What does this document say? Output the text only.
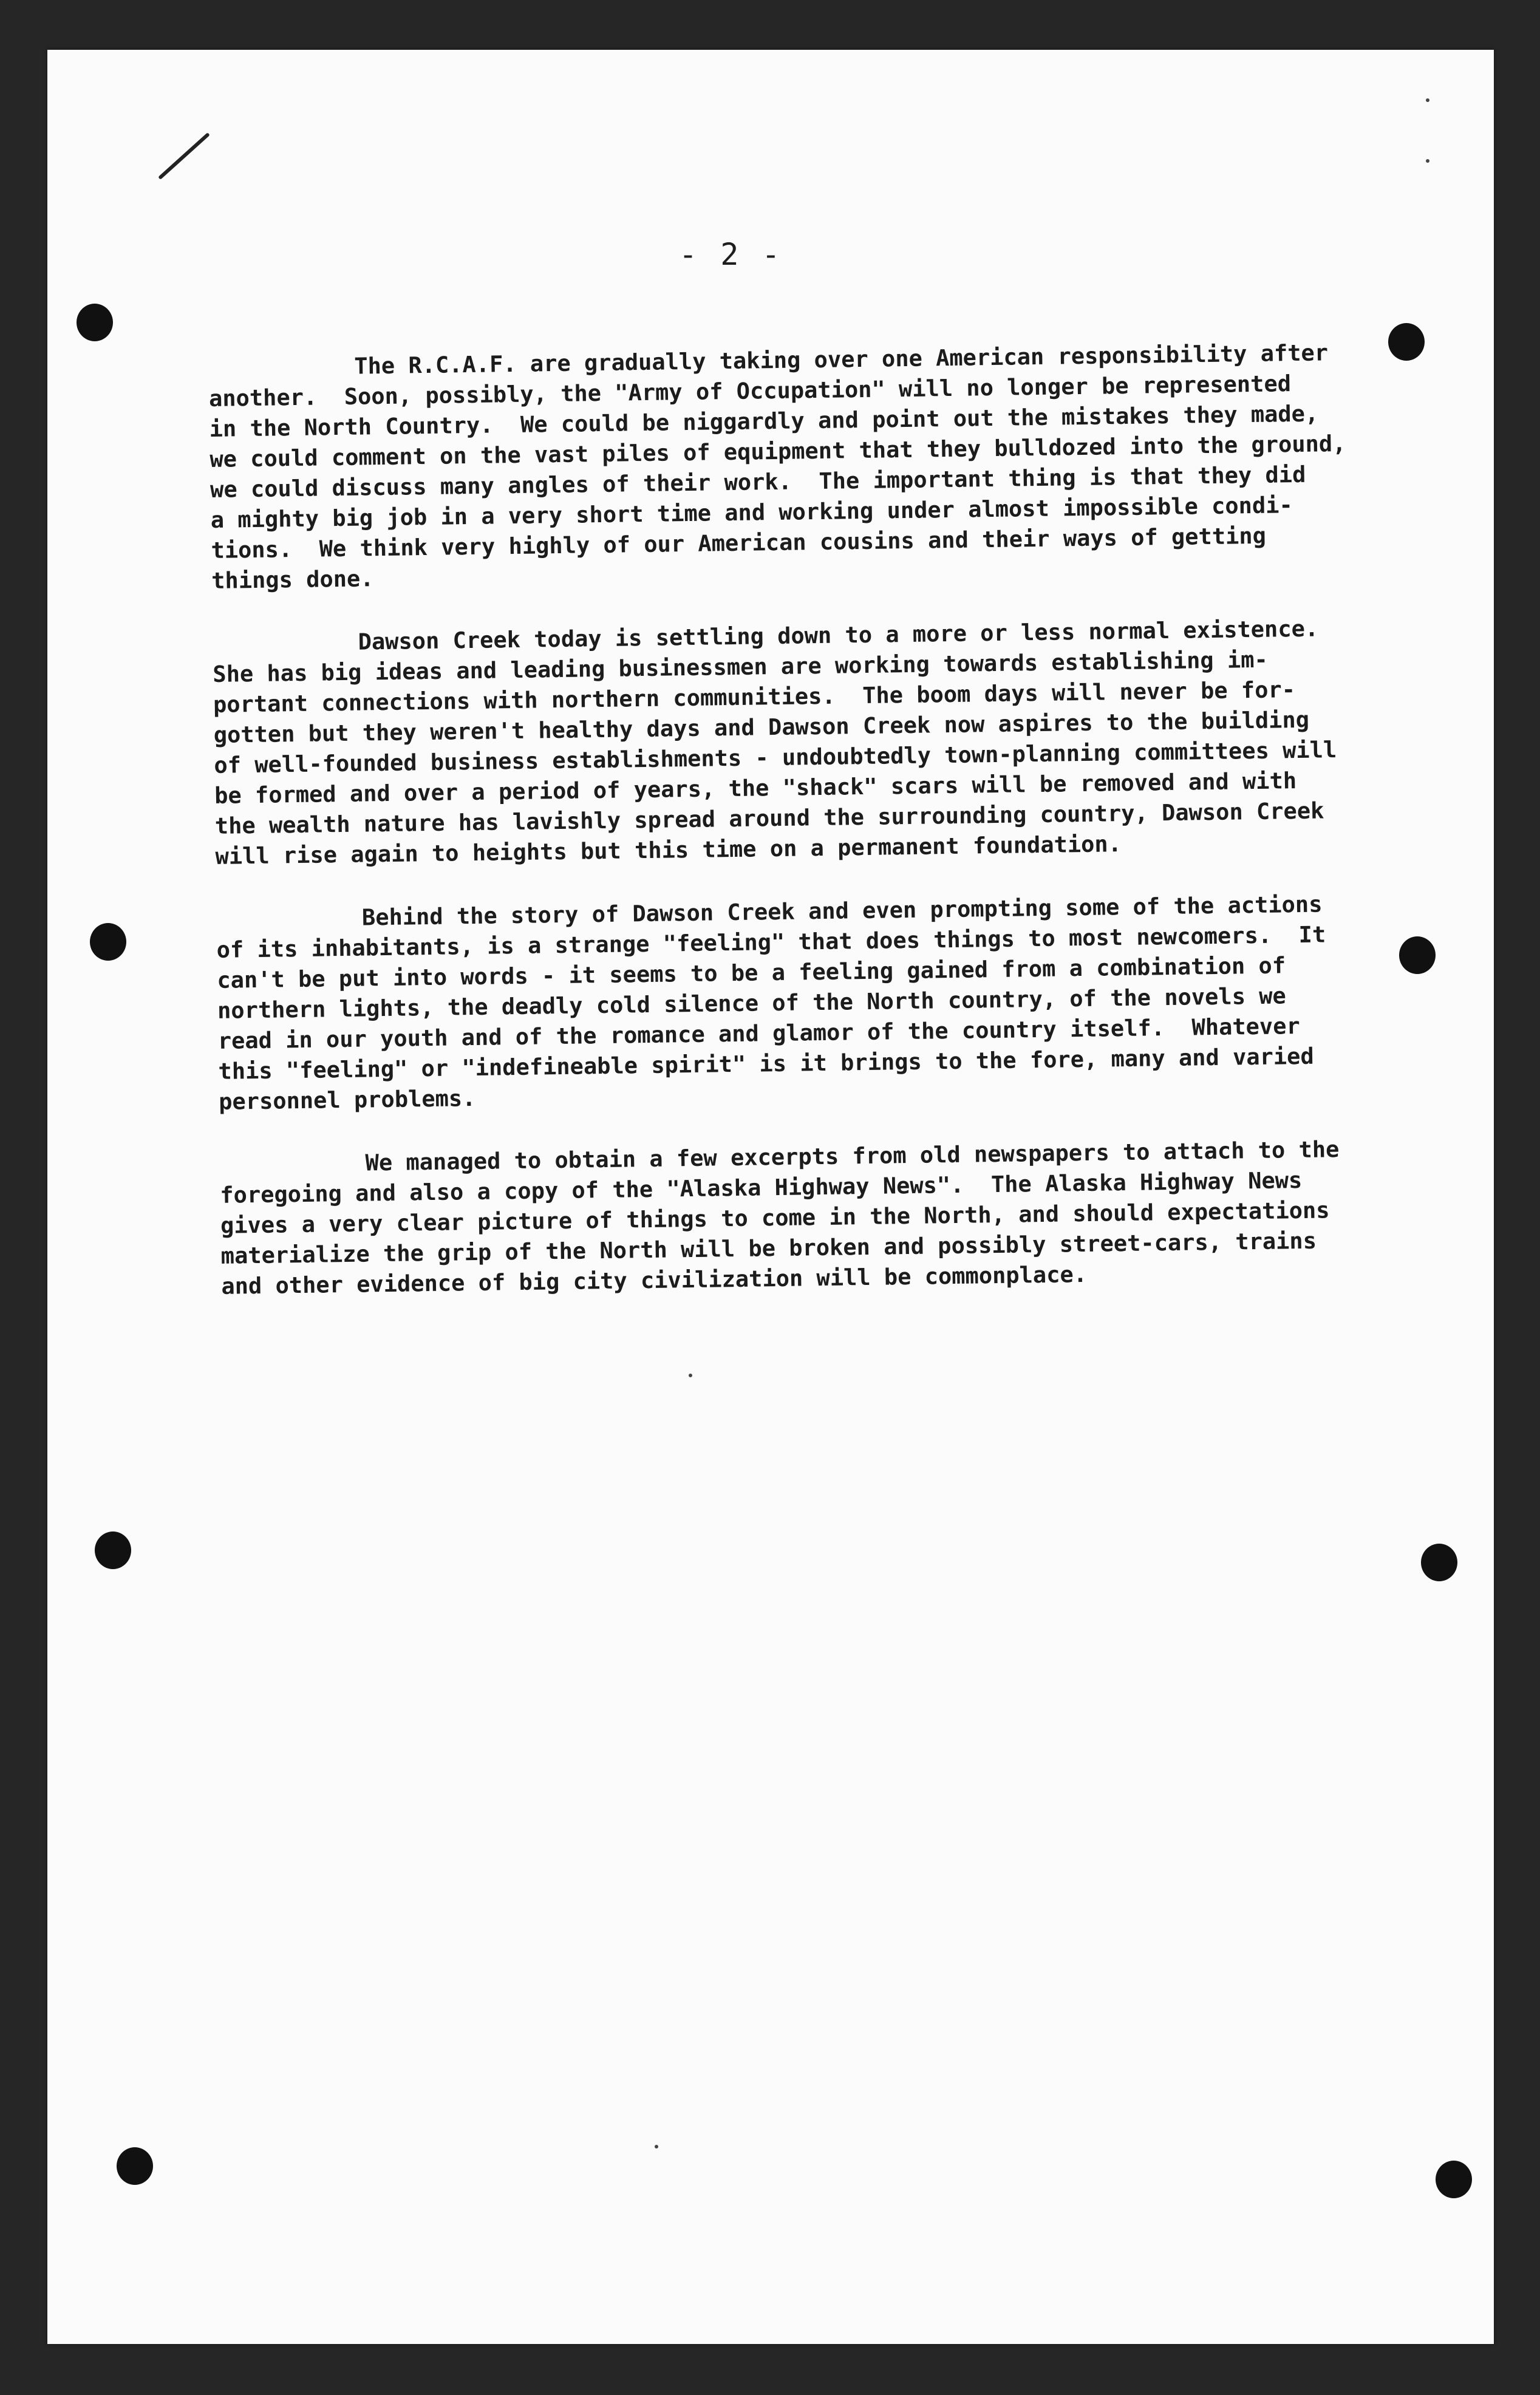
- 2 -
The R.C.A.F. are gradually taking over one American responsibility after
another.  Soon, possibly, the "Army of Occupation" will no longer be represented
in the North Country.  We could be niggardly and point out the mistakes they made,
we could comment on the vast piles of equipment that they bulldozed into the ground,
we could discuss many angles of their work.  The important thing is that they did
a mighty big job in a very short time and working under almost impossible condi-
tions.  We think very highly of our American cousins and their ways of getting
things done.
Dawson Creek today is settling down to a more or less normal existence.
She has big ideas and leading businessmen are working towards establishing im-
portant connections with northern communities.  The boom days will never be for-
gotten but they weren't healthy days and Dawson Creek now aspires to the building
of well-founded business establishments - undoubtedly town-planning committees will
be formed and over a period of years, the "shack" scars will be removed and with
the wealth nature has lavishly spread around the surrounding country, Dawson Creek
will rise again to heights but this time on a permanent foundation.
Behind the story of Dawson Creek and even prompting some of the actions
of its inhabitants, is a strange "feeling" that does things to most newcomers.  It
can't be put into words - it seems to be a feeling gained from a combination of
northern lights, the deadly cold silence of the North country, of the novels we
read in our youth and of the romance and glamor of the country itself.  Whatever
this "feeling" or "indefineable spirit" is it brings to the fore, many and varied
personnel problems.
We managed to obtain a few excerpts from old newspapers to attach to the
foregoing and also a copy of the "Alaska Highway News".  The Alaska Highway News
gives a very clear picture of things to come in the North, and should expectations
materialize the grip of the North will be broken and possibly street-cars, trains
and other evidence of big city civilization will be commonplace.
